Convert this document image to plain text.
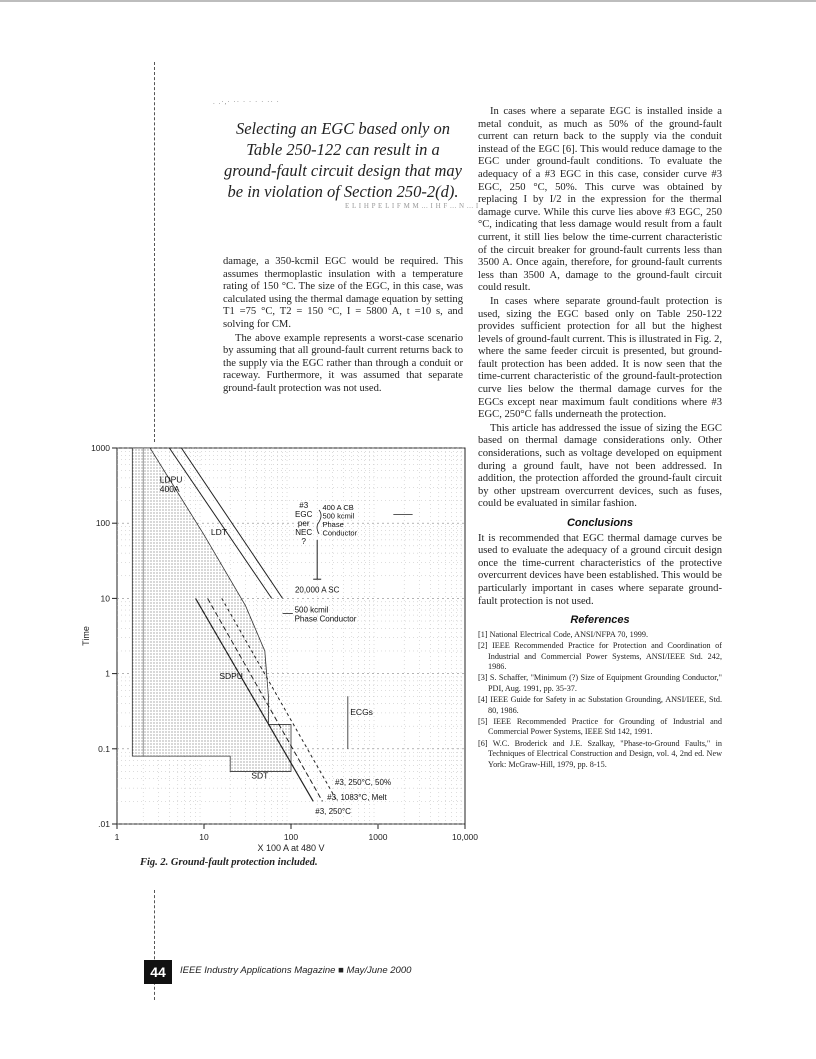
. .·,· ·· · · · · ·· ·
Selecting an EGC based only on Table 250-122 can result in a ground-fault circuit design that may be in violation of Section 250-2(d).
E L I H P E L I F M M ... I H F ... N ... I

damage, a 350-kcmil EGC would be required. This assumes thermoplastic insulation with a temperature rating of 150 °C. The size of the EGC, in this case, was calculated using the thermal damage equation by setting T1 =75 °C, T2 = 150 °C, I = 5800 A, t =10 s, and solving for CM.

The above example represents a worst-case scenario by assuming that all ground-fault current returns back to the supply via the EGC rather than through a conduit or raceway. Furthermore, it was assumed that separate ground-fault protection was not used.

In cases where a separate EGC is installed inside a metal conduit, as much as 50% of the ground-fault current can return back to the supply via the conduit instead of the EGC [6]. This would reduce damage to the EGC under ground-fault conditions. To evaluate the adequacy of a #3 EGC in this case, consider curve #3 EGC, 250 °C, 50%. This curve was obtained by replacing I by I/2 in the expression for the thermal damage curve. While this curve lies above #3 EGC, 250 °C, indicating that less damage would result from a fault current, it still lies below the time-current characteristic of the circuit breaker for ground-fault currents less than 3500 A. Once again, therefore, for ground-fault currents less than 3500 A, damage to the ground-fault circuit could result.

In cases where separate ground-fault protection is used, sizing the EGC based only on Table 250-122 provides sufficient protection for all but the highest levels of ground-fault current. This is illustrated in Fig. 2, where the same feeder circuit is presented, but ground-fault protection has been added. It is now seen that the time-current characteristic of the ground-fault-protection curve lies below the thermal damage curves for the EGCs except near maximum fault conditions where #3 EGC, 250°C falls underneath the protection.

This article has addressed the issue of sizing the EGC based on thermal damage considerations only. Other considerations, such as voltage developed on equipment during a ground fault, have not been addressed. In addition, the protection afforded the ground-fault circuit by other upstream overcurrent devices, such as fuses, could be evaluated in similar fashion.

Conclusions

It is recommended that EGC thermal damage curves be used to evaluate the adequacy of a ground circuit design once the time-current characteristics of the protective overcurrent devices have been established. This would be particularly important in cases where separate ground-fault protection is not used.

References
[1] National Electrical Code, ANSI/NFPA 70, 1999.
[2] IEEE Recommended Practice for Protection and Coordination of Industrial and Commercial Power Systems, ANSI/IEEE Std. 242, 1986.
[3] S. Schaffer, "Minimum (?) Size of Equipment Grounding Conductor," PDI, Aug. 1991, pp. 35-37.
[4] IEEE Guide for Safety in ac Substation Grounding, ANSI/IEEE, Std. 80, 1986.
[5] IEEE Recommended Practice for Grounding of Industrial and Commercial Power Systems, IEEE Std 142, 1991.
[6] W.C. Broderick and J.E. Szalkay, "Phase-to-Ground Faults," in Techniques of Electrical Construction and Design, vol. 4, 2nd ed. New York: McGraw-Hill, 1979, pp. 8-15.
1	10	100	1000	10,000
1000
100
10
1
0.1
.01
X 100 A at 480 V
Time
LDPU 400A
LDT
#3 EGC per NEC ?
400 A CB 500 kcmil Phase Conductor
20,000 A SC
500 kcmil Phase Conductor
SDPU
ECGs
SDT
#3, 250°C, 50%
#3, 1083°C, Melt
#3, 250°C
Fig. 2. Ground-fault protection included.
44	IEEE Industry Applications Magazine ■ May/June 2000
